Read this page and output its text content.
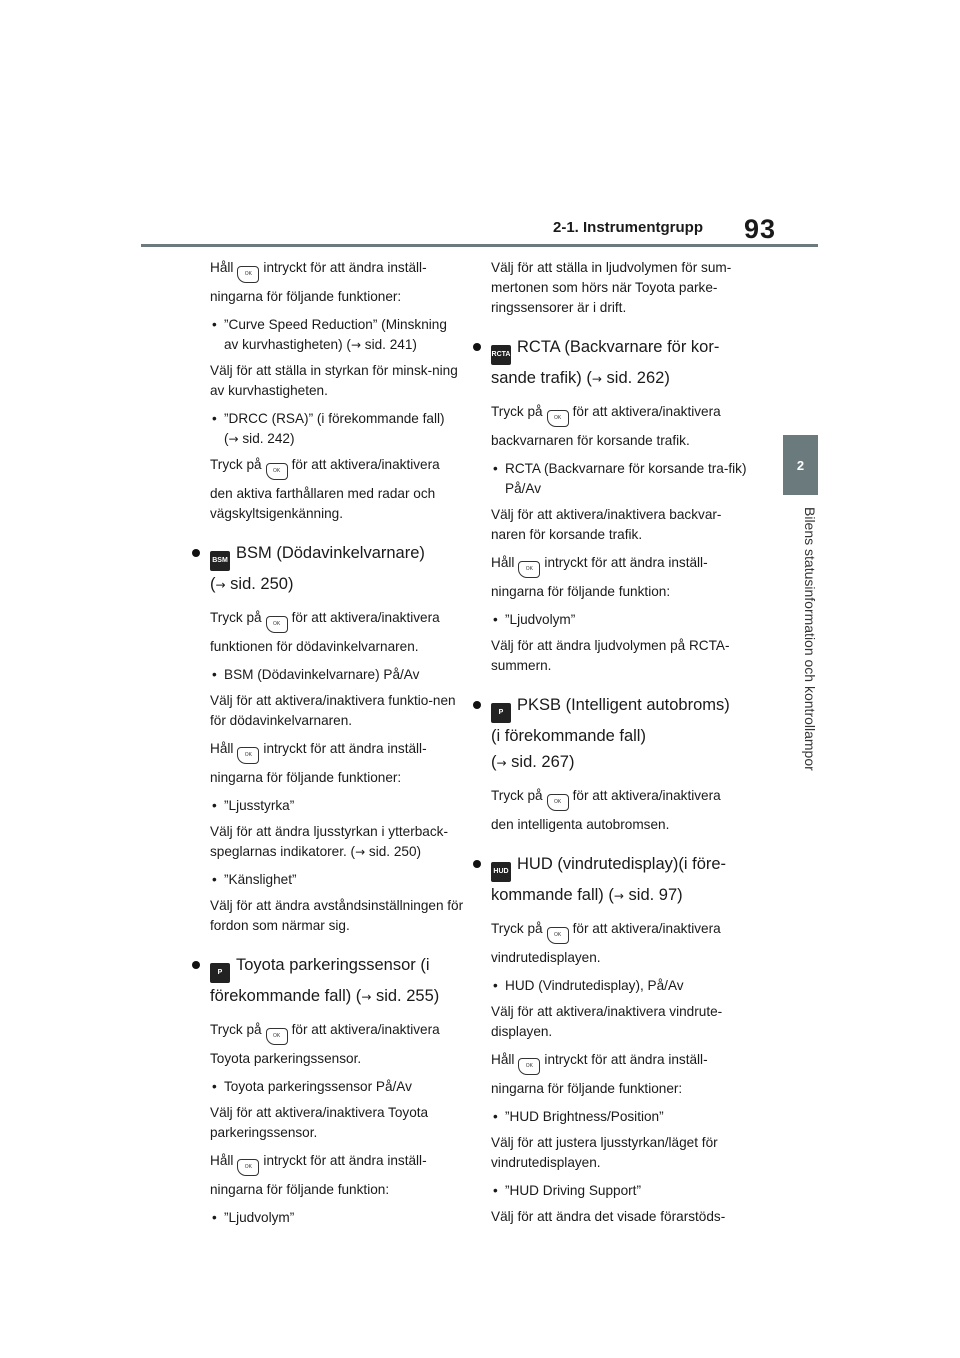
93
2-1. Instrumentgrupp
2
Bilens statusinformation och kontrollampor

Håll OK intryckt för att ändra inställ-

ningarna för följande funktioner:

• ”Curve Speed Reduction” (Minskning
av kurvhastigheten) (→ sid. 241)

Välj för att ställa in styrkan för minsk-ning av kurvhastigheten.

• ”DRCC (RSA)” (i förekommande fall)
(→ sid. 242)

Tryck på OK för att aktivera/inaktivera

den aktiva farthållaren med radar och vägskyltsigenkänning.

BSM BSM (Dödavinkelvarnare)
(→ sid. 250)

Tryck på OK för att aktivera/inaktivera

funktionen för dödavinkelvarnaren.

• BSM (Dödavinkelvarnare) På/Av

Välj för att aktivera/inaktivera funktio-nen för dödavinkelvarnaren.

Håll OK intryckt för att ändra inställ-

ningarna för följande funktioner:

• ”Ljusstyrka”

Välj för att ändra ljusstyrkan i ytterback-speglarnas indikatorer. (→ sid. 250)

• ”Känslighet”

Välj för att ändra avståndsinställningen för fordon som närmar sig.

P Toyota parkeringssensor (i
förekommande fall) (→ sid. 255)

Tryck på OK för att aktivera/inaktivera

Toyota parkeringssensor.

• Toyota parkeringssensor På/Av

Välj för att aktivera/inaktivera Toyota parkeringssensor.

Håll OK intryckt för att ändra inställ-

ningarna för följande funktion:

• ”Ljudvolym”

Välj för att ställa in ljudvolymen för sum-mertonen som hörs när Toyota parke-ringssensorer är i drift.

RCTA RCTA (Backvarnare för kor-
sande trafik) (→ sid. 262)

Tryck på OK för att aktivera/inaktivera

backvarnaren för korsande trafik.

• RCTA (Backvarnare för korsande tra-fik) På/Av

Välj för att aktivera/inaktivera backvar-naren för korsande trafik.

Håll OK intryckt för att ändra inställ-

ningarna för följande funktion:

• ”Ljudvolym”

Välj för att ändra ljudvolymen på RCTA-summern.

P PKSB (Intelligent autobroms)
(i förekommande fall)
(→ sid. 267)

Tryck på OK för att aktivera/inaktivera

den intelligenta autobromsen.

HUD HUD (vindrutedisplay)(i före-
kommande fall) (→ sid. 97)

Tryck på OK för att aktivera/inaktivera

vindrutedisplayen.

• HUD (Vindrutedisplay), På/Av

Välj för att aktivera/inaktivera vindrute-displayen.

Håll OK intryckt för att ändra inställ-

ningarna för följande funktioner:

• ”HUD Brightness/Position”

Välj för att justera ljusstyrkan/läget för vindrutedisplayen.

• ”HUD Driving Support”

Välj för att ändra det visade förarstöds-
